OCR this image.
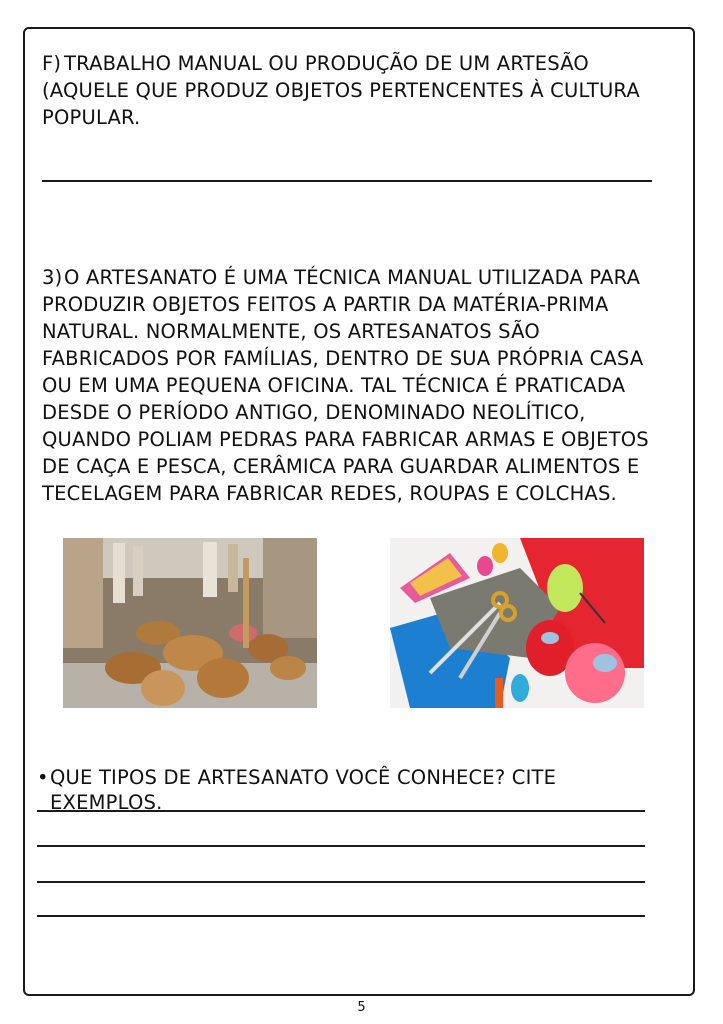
F) TRABALHO MANUAL OU PRODUÇÃO DE UM ARTESÃO (AQUELE QUE PRODUZ OBJETOS PERTENCENTES À CULTURA POPULAR.

3)O ARTESANATO É UMA TÉCNICA MANUAL UTILIZADA PARA PRODUZIR OBJETOS FEITOS A PARTIR DA MATÉRIA-PRIMA NATURAL. NORMALMENTE, OS ARTESANATOS SÃO FABRICADOS POR FAMÍLIAS, DENTRO DE SUA PRÓPRIA CASA OU EM UMA PEQUENA OFICINA. TAL TÉCNICA É PRATICADA DESDE O PERÍODO ANTIGO, DENOMINADO NEOLÍTICO, QUANDO POLIAM PEDRAS PARA FABRICAR ARMAS E OBJETOS DE CAÇA E PESCA, CERÂMICA PARA GUARDAR ALIMENTOS E TECELAGEM PARA FABRICAR REDES, ROUPAS E COLCHAS.

•QUE TIPOS DE ARTESANATO VOCÊ CONHECE? CITE EXEMPLOS.
5
